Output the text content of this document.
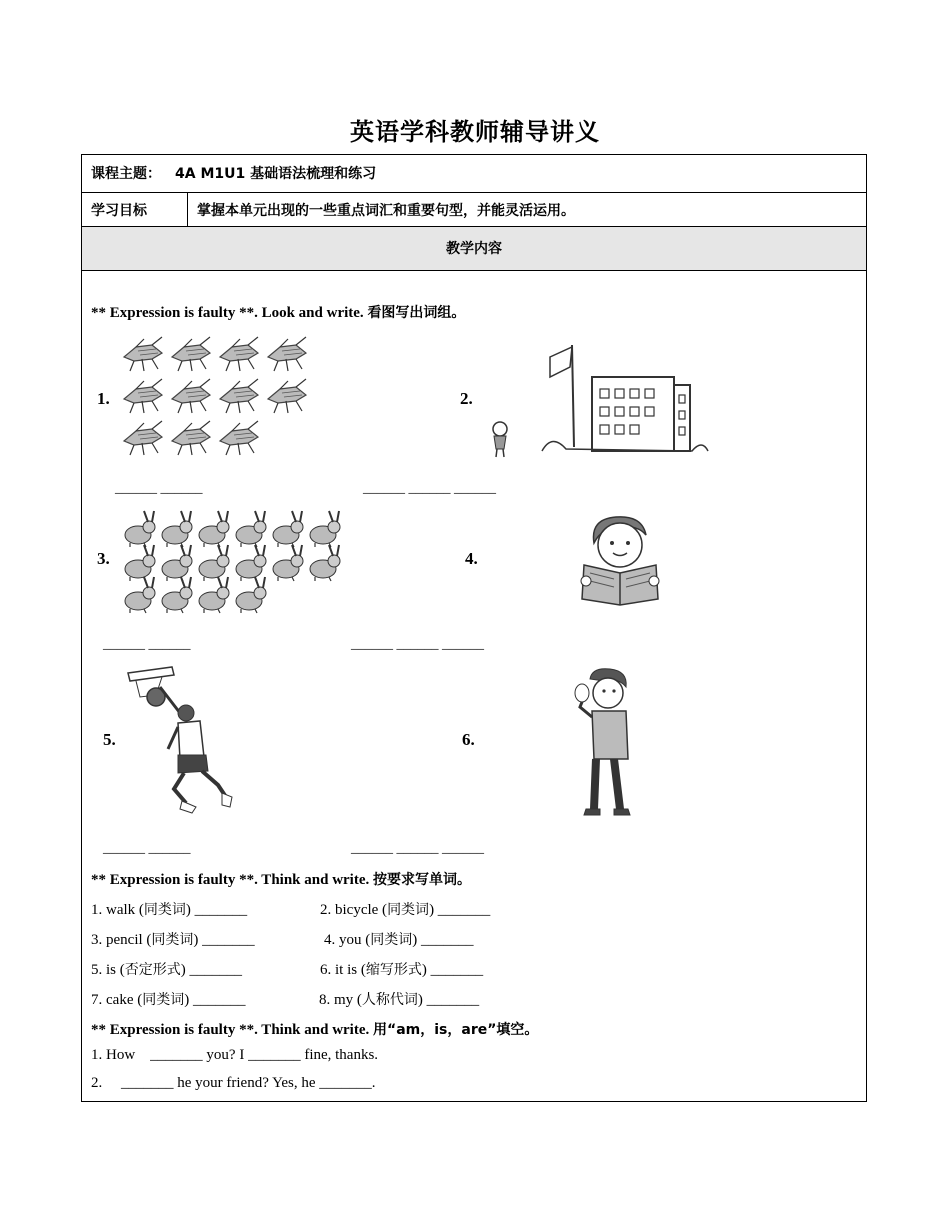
英语学科教师辅导讲义
课程主题： 4A M1U1 基础语法梳理和练习
学习目标	掌握本单元出现的一些重点词汇和重要句型，并能灵活运用。
教学内容
** Expression is faulty **. Look and write. 看图写出词组。
1.
______ ______
2.
______ ______ ______
3.
______ ______
4.
______ ______ ______
5.
______ ______
6.
______ ______ ______
** Expression is faulty **. Think and write. 按要求写单词。
1. walk (同类词) _______	2. bicycle (同类词) _______
3. pencil (同类词) _______	4. you (同类词) _______
5. is (否定形式) _______	6. it is (缩写形式) _______
7. cake (同类词) _______	8. my (人称代词) _______
** Expression is faulty **. Think and write. 用“am，is，are”填空。
1. How    _______ you? I _______ fine, thanks.
2.     _______ he your friend? Yes, he _______.
